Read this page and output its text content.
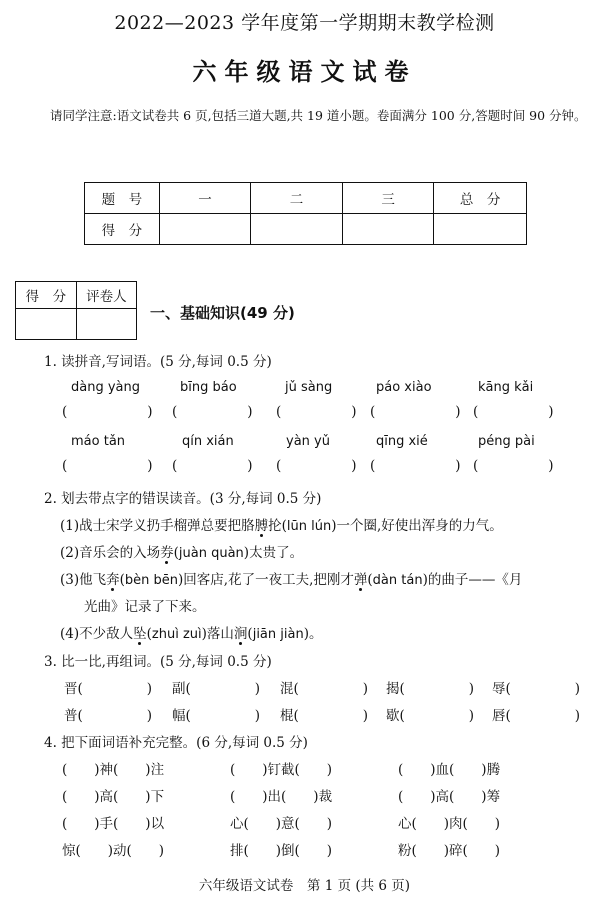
2022—2023 学年度第一学期期末教学检测
六年级语文试卷
请同学注意:语文试卷共 6 页,包括三道大题,共 19 道小题。卷面满分 100 分,答题时间 90 分钟。
题　号	一	二	三	总　分
得　分				
得　分	评卷人

一、基础知识(49 分)
1. 读拼音,写词语。(5 分,每词 0.5 分)
dàng yàng	bīng báo	jǔ sàng	páo xiào	kāng kǎi
(	) (	) (	) (	) (	)
máo tǎn	qín xián	yàn yǔ	qīng xié	péng pài
(	) (	) (	) (	) (	)
2. 划去带点字的错误读音。(3 分,每词 0.5 分)
(1)战士宋学义扔手榴弹总要把胳膊抡(lūn lún)一个圈,好使出浑身的力气。
(2)音乐会的入场券(juàn quàn)太贵了。
(3)他飞奔(bèn bēn)回客店,花了一夜工夫,把刚才弹(dàn tán)的曲子——《月
光曲》记录了下来。
(4)不少敌人坠(zhuì zuì)落山涧(jiān jiàn)。
3. 比一比,再组词。(5 分,每词 0.5 分)
晋(	) 副(	) 混(	) 揭(	) 辱(	)
普(	) 幅(	) 棍(	) 歇(	) 唇(	)
4. 把下面词语补充完整。(6 分,每词 0.5 分)
(　　)神(　　)注	(　　)钉截(　　)	(　　)血(　　)腾
(　　)高(　　)下	(　　)出(　　)裁	(　　)高(　　)筹
(　　)手(　　)以	心(　　)意(　　)	心(　　)肉(　　)
惊(　　)动(　　)	排(　　)倒(　　)	粉(　　)碎(　　)
六年级语文试卷　第 1 页 (共 6 页)
